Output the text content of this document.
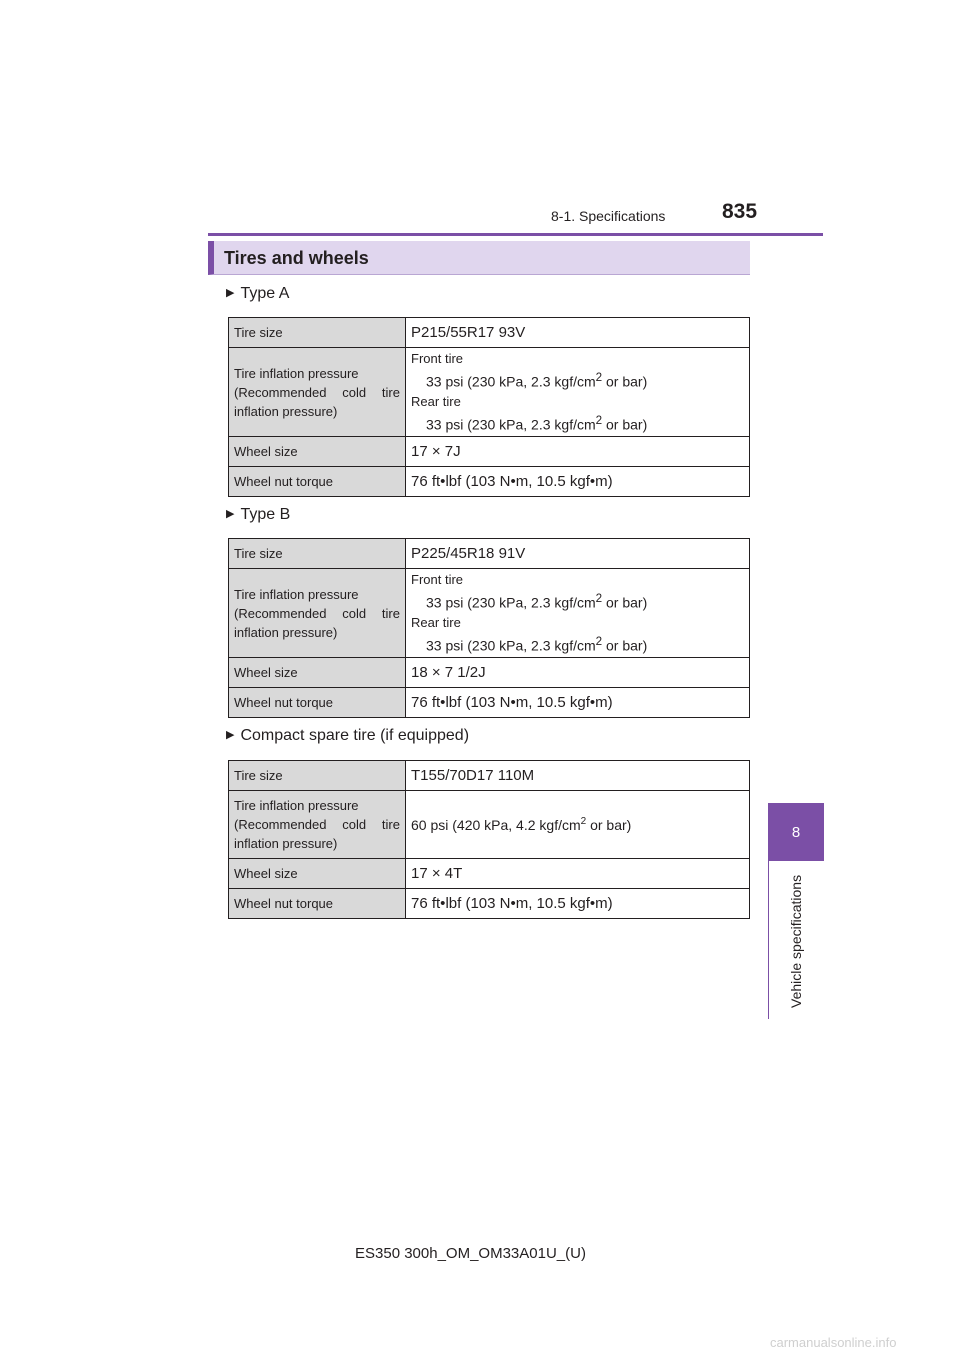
8-1. Specifications	835
8
Vehicle specifications
Tires and wheels
▶ Type A
Tire size	P215/55R17 93V

Tire inflation pressure
(Recommended cold tire
inflation pressure)	Front tire
33 psi (230 kPa, 2.3 kgf/$cm^2$ or bar)
Rear tire
33 psi (230 kPa, 2.3 kgf/$cm^2$ or bar)

Wheel size	17 × 7J
Wheel nut torque	76 ft•lbf (103 N•m, 10.5 kgf•m)
▶ Type B
Tire size	P225/45R18 91V

Tire inflation pressure
(Recommended cold tire
inflation pressure)	Front tire
33 psi (230 kPa, 2.3 kgf/$cm^2$ or bar)
Rear tire
33 psi (230 kPa, 2.3 kgf/$cm^2$ or bar)

Wheel size	18 × 7 1/2J
Wheel nut torque	76 ft•lbf (103 N•m, 10.5 kgf•m)
▶ Compact spare tire (if equipped)
Tire size	T155/70D17 110M

Tire inflation pressure
(Recommended cold tire
inflation pressure)	60 psi (420 kPa, 4.2 kgf/$cm^2$ or bar)
Wheel size	17 × 4T
Wheel nut torque	76 ft•lbf (103 N•m, 10.5 kgf•m)
ES350 300h_OM_OM33A01U_(U)
carmanualsonline.info
